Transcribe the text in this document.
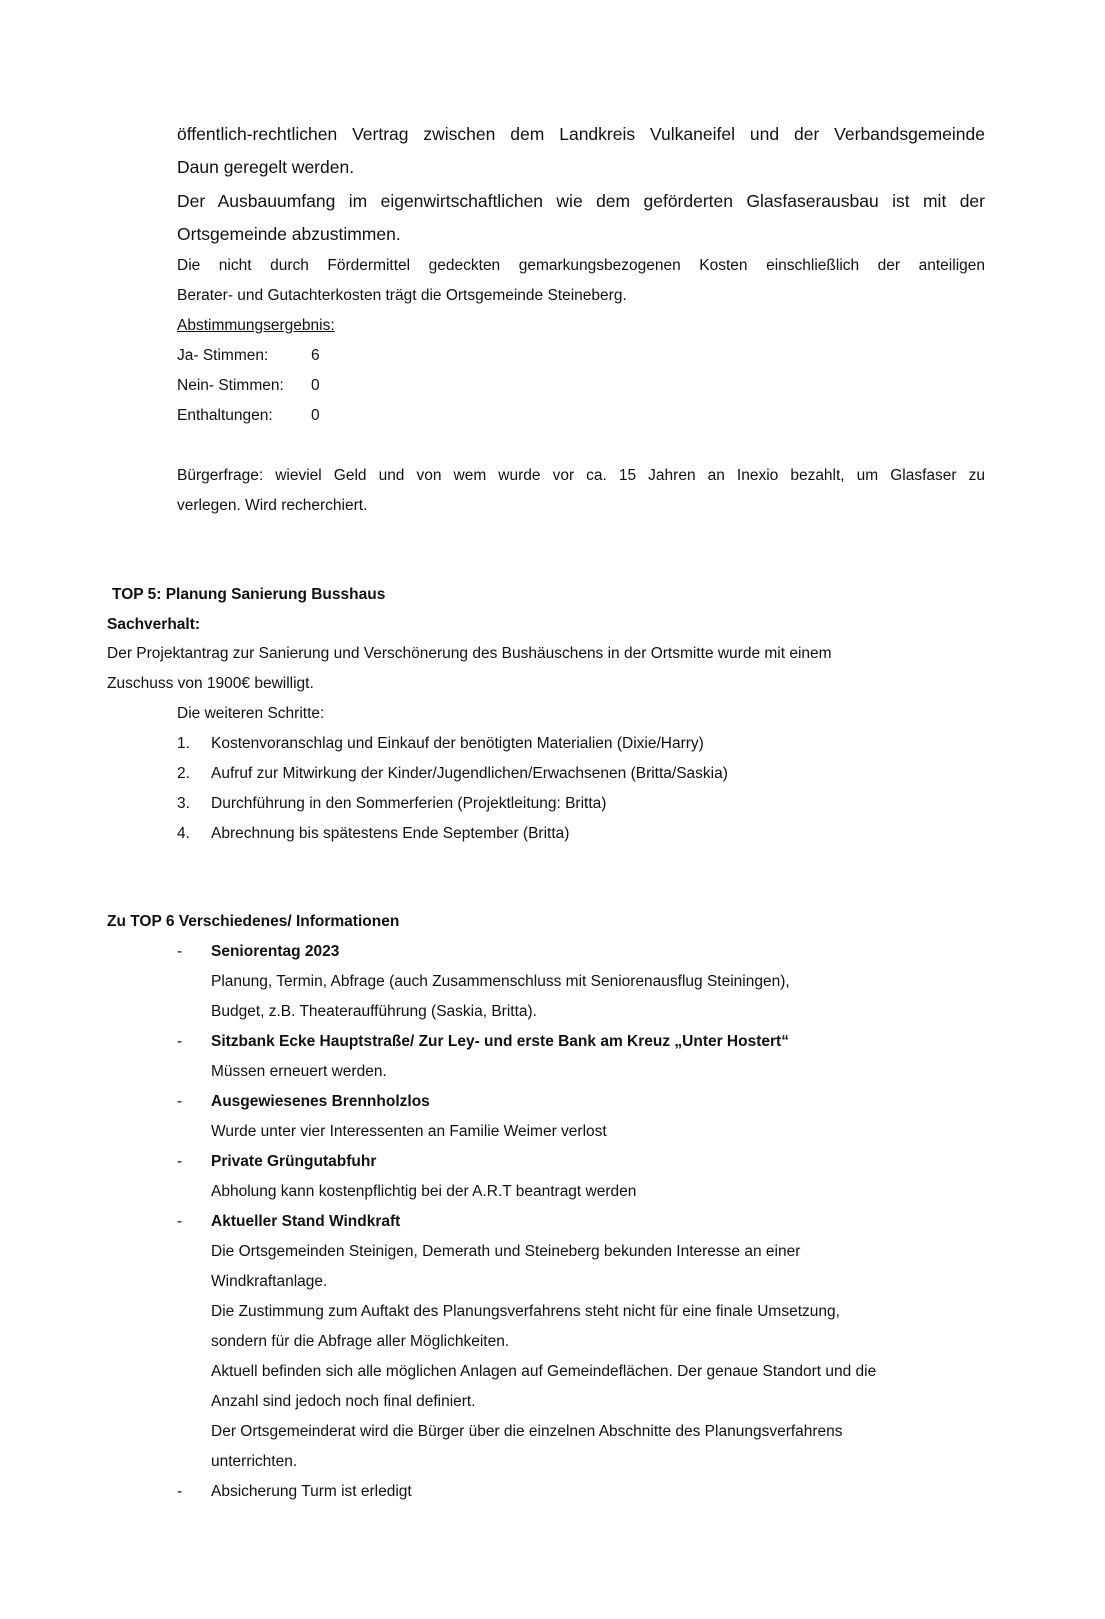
öffentlich-rechtlichen Vertrag zwischen dem Landkreis Vulkaneifel und der Verbandsgemeinde
Daun geregelt werden.
Der Ausbauumfang im eigenwirtschaftlichen wie dem geförderten Glasfaserausbau ist mit der
Ortsgemeinde abzustimmen.
Die nicht durch Fördermittel gedeckten gemarkungsbezogenen Kosten einschließlich der anteiligen
Berater- und Gutachterkosten trägt die Ortsgemeinde Steineberg.
Abstimmungsergebnis:
Ja- Stimmen:	6
Nein- Stimmen: 0
Enthaltungen: 0
Bürgerfrage: wieviel Geld und von wem wurde vor ca. 15 Jahren an Inexio bezahlt, um Glasfaser zu
verlegen. Wird recherchiert.
TOP 5: Planung Sanierung Busshaus
Sachverhalt:
Der Projektantrag zur Sanierung und Verschönerung des Bushäuschens in der Ortsmitte wurde mit einem
Zuschuss von 1900€ bewilligt.
Die weiteren Schritte:
1.	Kostenvoranschlag und Einkauf der benötigten Materialien (Dixie/Harry)
2.	Aufruf zur Mitwirkung der Kinder/Jugendlichen/Erwachsenen (Britta/Saskia)
3.	Durchführung in den Sommerferien (Projektleitung: Britta)
4.	Abrechnung bis spätestens Ende September (Britta)
Zu TOP 6 Verschiedenes/ Informationen
- Seniorentag 2023
Planung, Termin, Abfrage (auch Zusammenschluss mit Seniorenausflug Steiningen),
Budget, z.B. Theateraufführung (Saskia, Britta).
- Sitzbank Ecke Hauptstraße/ Zur Ley- und erste Bank am Kreuz „Unter Hostert“
Müssen erneuert werden.
- Ausgewiesenes Brennholzlos
Wurde unter vier Interessenten an Familie Weimer verlost
- Private Grüngutabfuhr
Abholung kann kostenpflichtig bei der A.R.T beantragt werden
- Aktueller Stand Windkraft
Die Ortsgemeinden Steinigen, Demerath und Steineberg bekunden Interesse an einer
Windkraftanlage.
Die Zustimmung zum Auftakt des Planungsverfahrens steht nicht für eine finale Umsetzung,
sondern für die Abfrage aller Möglichkeiten.
Aktuell befinden sich alle möglichen Anlagen auf Gemeindeflächen. Der genaue Standort und die
Anzahl sind jedoch noch final definiert.
Der Ortsgemeinderat wird die Bürger über die einzelnen Abschnitte des Planungsverfahrens
unterrichten.
- Absicherung Turm ist erledigt
